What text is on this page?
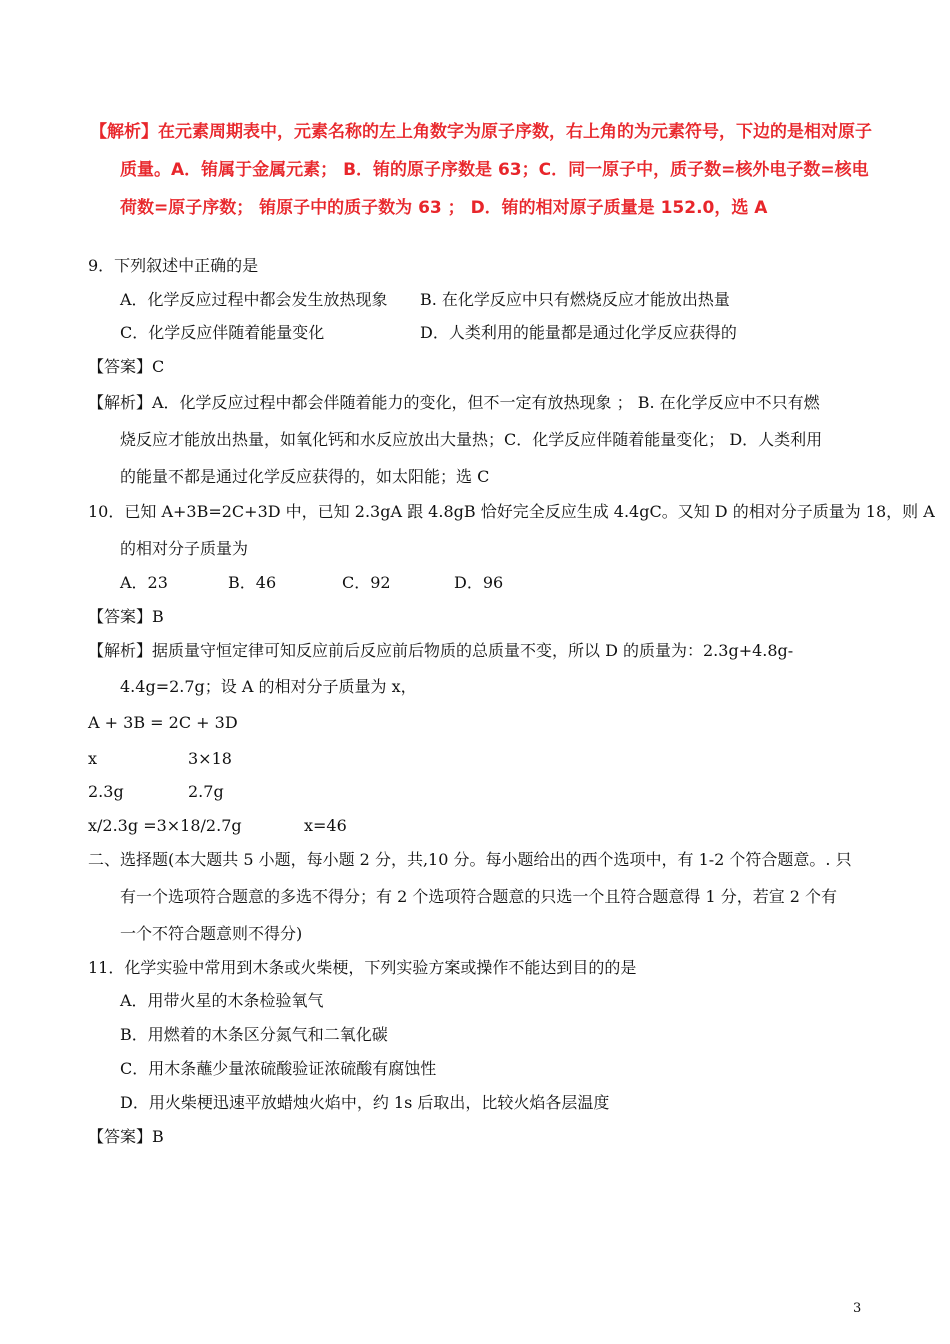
【解析】在元素周期表中，元素名称的左上角数字为原子序数，右上角的为元素符号，下边的是相对原子
质量。A．铕属于金属元素； B．铕的原子序数是 63；C．同一原子中，质子数=核外电子数=核电
荷数=原子序数； 铕原子中的质子数为 63 ； D．铕的相对原子质量是 152.0，选 A
9．下列叙述中正确的是
A．化学反应过程中都会发生放热现象 B. 在化学反应中只有燃烧反应才能放出热量
C．化学反应伴随着能量变化	D．人类利用的能量都是通过化学反应获得的
【答案】C
【解析】A．化学反应过程中都会伴随着能力的变化，但不一定有放热现象 ； B. 在化学反应中不只有燃
烧反应才能放出热量，如氧化钙和水反应放出大量热；C．化学反应伴随着能量变化； D．人类利用
的能量不都是通过化学反应获得的，如太阳能；选 C
10．已知 A+3B=2C+3D 中，已知 2.3gA 跟 4.8gB 恰好完全反应生成 4.4gC。又知 D 的相对分子质量为 18，则 A
的相对分子质量为
A．23	B．46	C．92	D．96
【答案】B
【解析】据质量守恒定律可知反应前后反应前后物质的总质量不变，所以 D 的质量为：2.3g+4.8g-
4.4g=2.7g；设 A 的相对分子质量为 x，
A + 3B = 2C + 3D
x	3×18
2.3g	2.7g
x/2.3g =3×18/2.7g	x=46
二、选择题(本大题共 5 小题，每小题 2 分，共,10 分。每小题给出的西个选项中，有 1-2 个符合题意。. 只
有一个选项符合题意的多选不得分；有 2 个选项符合题意的只选一个且符合题意得 1 分，若宣 2 个有
一个不符合题意则不得分)
11．化学实验中常用到木条或火柴梗，下列实验方案或操作不能达到目的的是
A．用带火星的木条检验氧气
B．用燃着的木条区分氮气和二氧化碳
C．用木条蘸少量浓硫酸验证浓硫酸有腐蚀性
D．用火柴梗迅速平放蜡烛火焰中，约 1s 后取出，比较火焰各层温度
【答案】B
3
